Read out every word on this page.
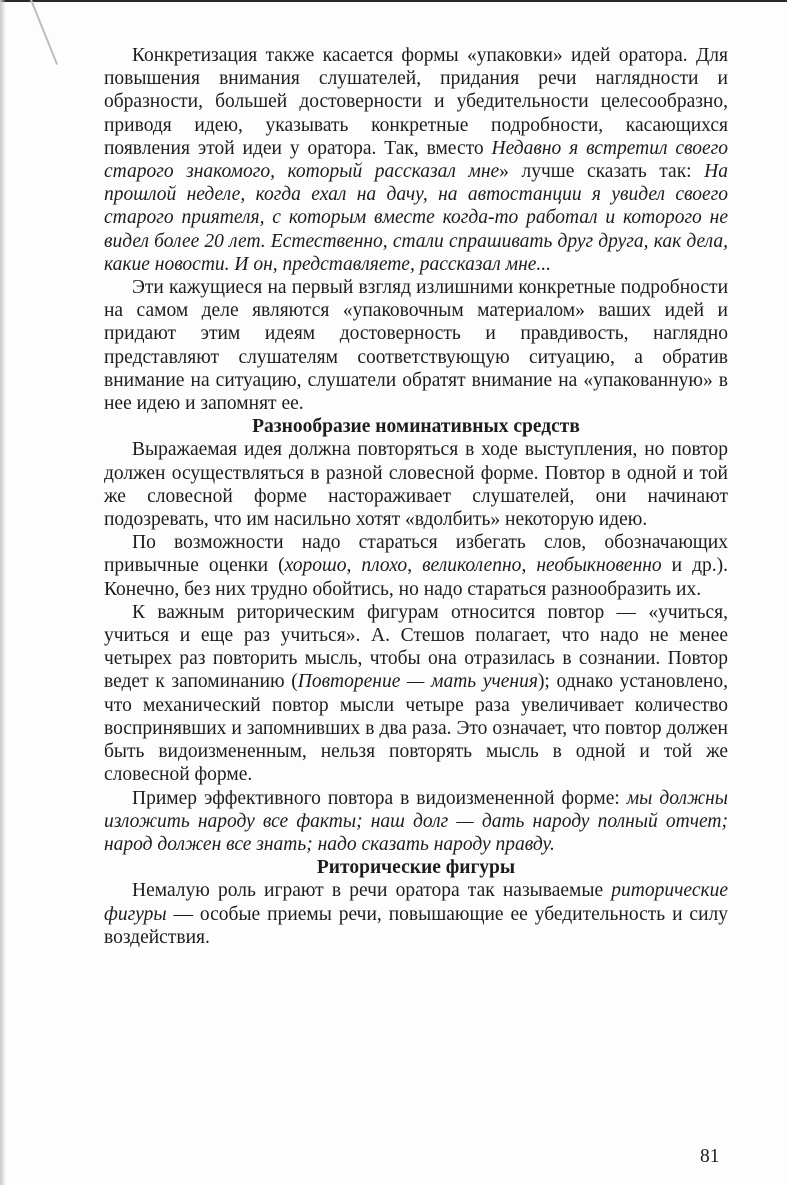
Конкретизация также касается формы «упаковки» идей оратора. Для повышения внимания слушателей, придания речи наглядности и образности, большей достоверности и убедительности целесообразно, приводя идею, указывать конкретные подробности, касающихся появления этой идеи у оратора. Так, вместо Недавно я встретил своего старого знакомого, который рассказал мне» лучше сказать так: На прошлой неделе, когда ехал на дачу, на автостанции я увидел своего старого приятеля, с которым вместе когда-то работал и которого не видел более 20 лет. Естественно, стали спрашивать друг друга, как дела, какие новости. И он, представляете, рассказал мне...

Эти кажущиеся на первый взгляд излишними конкретные подробности на самом деле являются «упаковочным материалом» ваших идей и придают этим идеям достоверность и правдивость, наглядно представляют слушателям соответствующую ситуацию, а обратив внимание на ситуацию, слушатели обратят внимание на «упакованную» в нее идею и запомнят ее.

Разнообразие номинативных средств

Выражаемая идея должна повторяться в ходе выступления, но повтор должен осуществляться в разной словесной форме. Повтор в одной и той же словесной форме настораживает слушателей, они начинают подозревать, что им насильно хотят «вдолбить» некоторую идею.

По возможности надо стараться избегать слов, обозначающих привычные оценки (хорошо, плохо, великолепно, необыкновенно и др.). Конечно, без них трудно обойтись, но надо стараться разнообразить их.

К важным риторическим фигурам относится повтор — «учиться, учиться и еще раз учиться». А. Стешов полагает, что надо не менее четырех раз повторить мысль, чтобы она отразилась в сознании. Повтор ведет к запоминанию (Повторение — мать учения); однако установлено, что механический повтор мысли четыре раза увеличивает количество воспринявших и запомнивших в два раза. Это означает, что повтор должен быть видоизмененным, нельзя повторять мысль в одной и той же словесной форме.

Пример эффективного повтора в видоизмененной форме: мы должны изложить народу все факты; наш долг — дать народу полный отчет; народ должен все знать; надо сказать народу правду.

Риторические фигуры

Немалую роль играют в речи оратора так называемые риторические фигуры — особые приемы речи, повышающие ее убедительность и силу воздействия.

81
